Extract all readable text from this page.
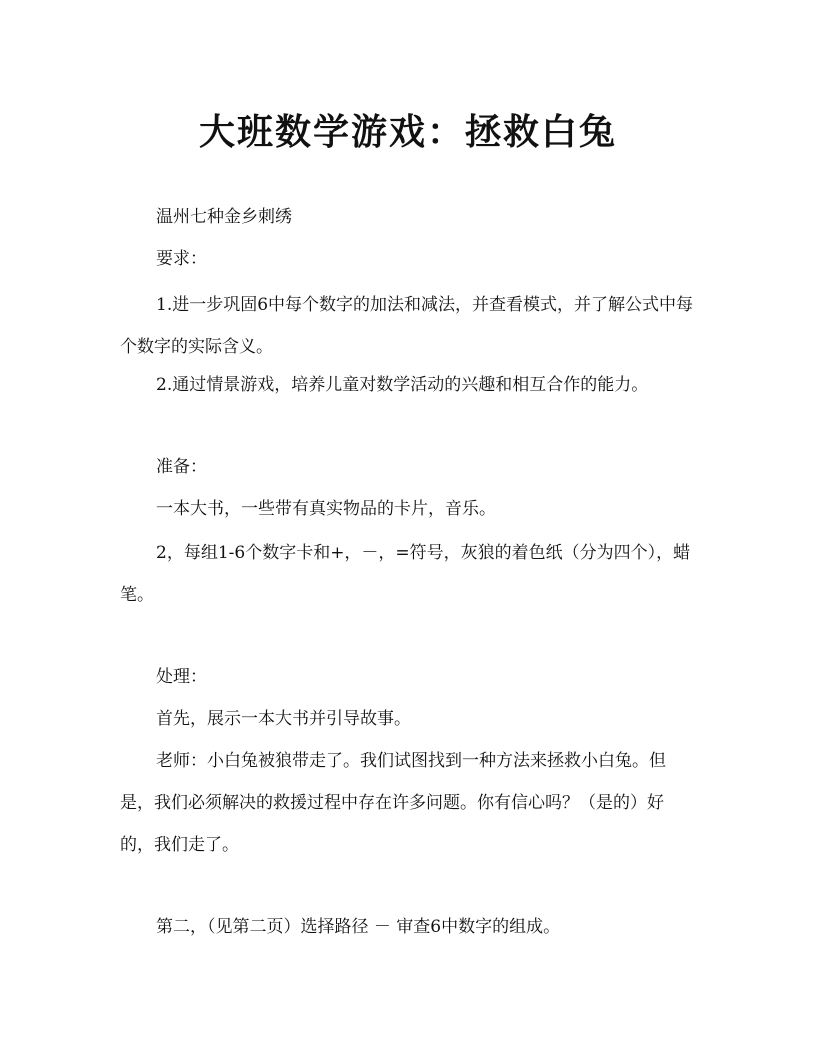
大班数学游戏：拯救白兔

温州七种金乡刺绣

要求：

1.进一步巩固6中每个数字的加法和减法，并查看模式，并了解公式中每个数字的实际含义。

2.通过情景游戏，培养儿童对数学活动的兴趣和相互合作的能力。

准备：

一本大书，一些带有真实物品的卡片，音乐。

2，每组1-6个数字卡和+，－，=符号，灰狼的着色纸（分为四个），蜡笔。

处理：

首先，展示一本大书并引导故事。

老师：小白兔被狼带走了。我们试图找到一种方法来拯救小白兔。但是，我们必须解决的救援过程中存在许多问题。你有信心吗？（是的）好的，我们走了。

第二，（见第二页）选择路径 － 审查6中数字的组成。
